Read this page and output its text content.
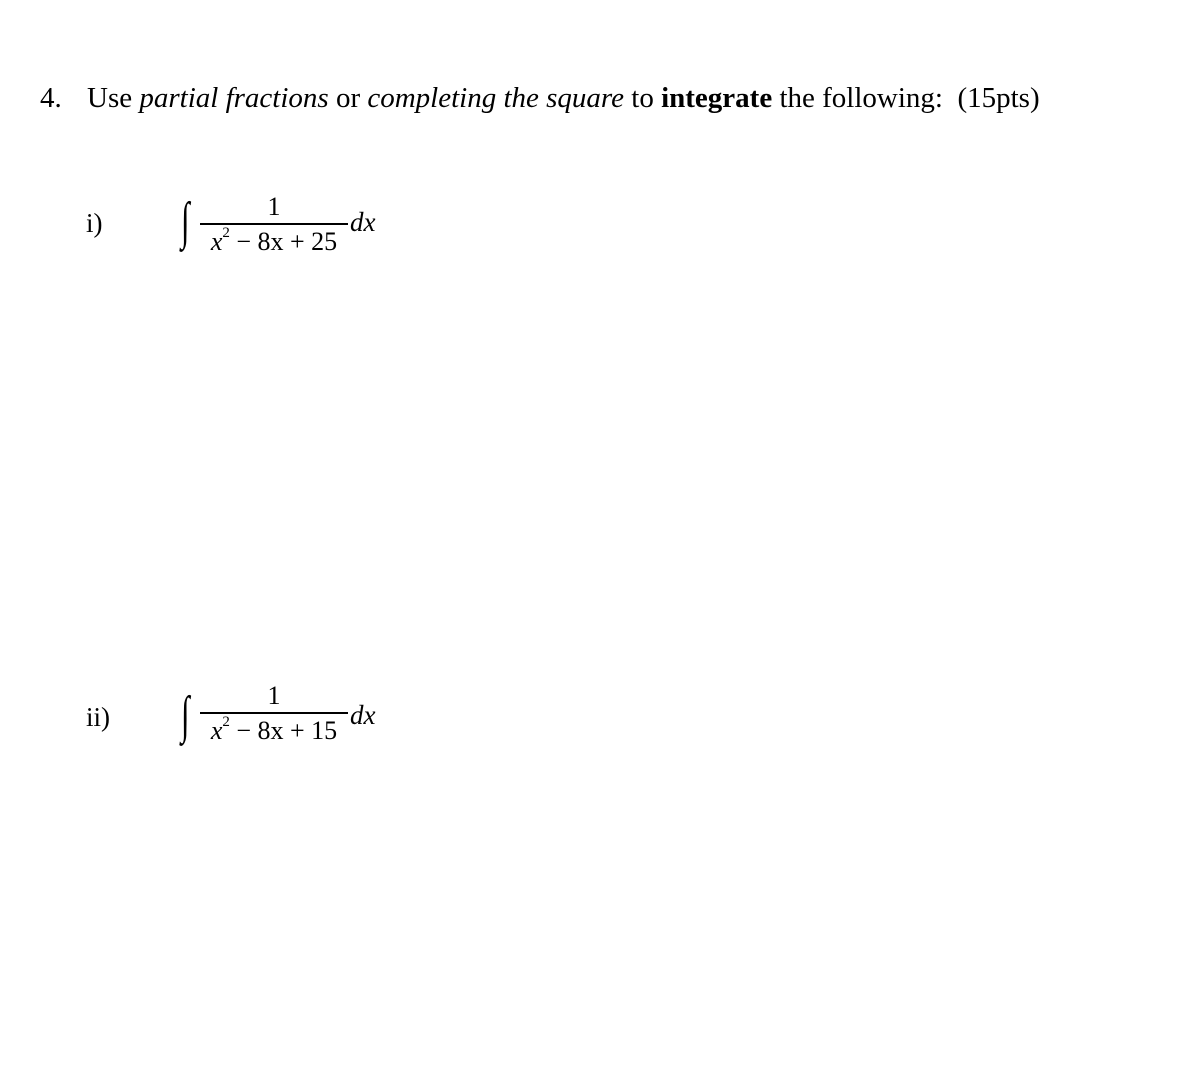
4. Use partial fractions or completing the square to integrate the following: (15pts)
i) ∫	1
$x^2 - 8x + 25$
dx
ii) ∫	1
$x^2 - 8x + 15$ dx
